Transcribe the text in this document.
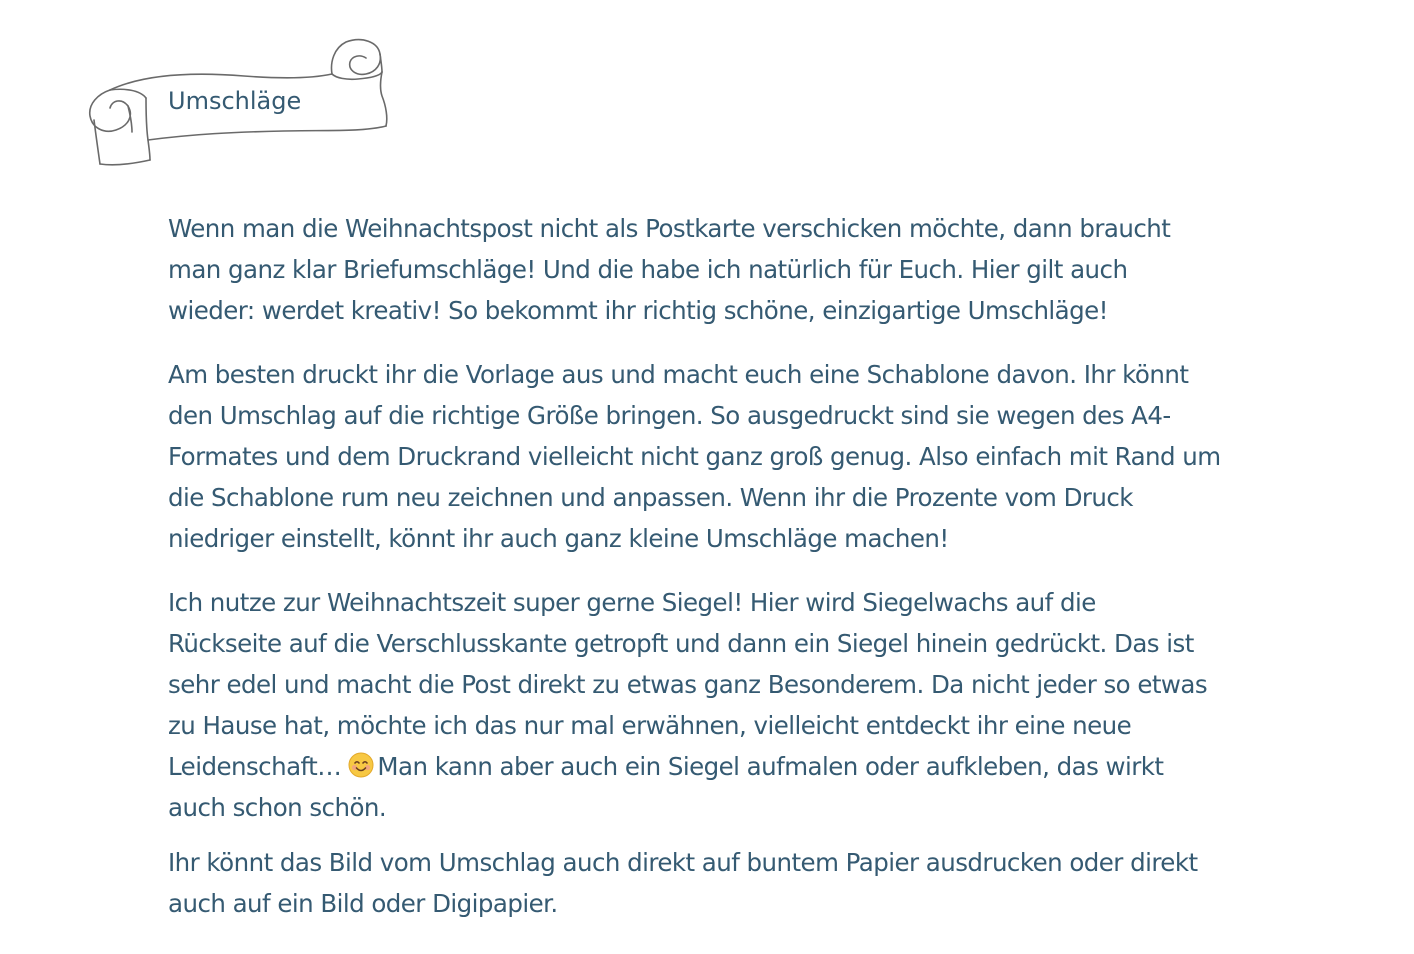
Umschläge

Wenn man die Weihnachtspost nicht als Postkarte verschicken möchte, dann braucht
man ganz klar Briefumschläge! Und die habe ich natürlich für Euch. Hier gilt auch
wieder: werdet kreativ! So bekommt ihr richtig schöne, einzigartige Umschläge!

Am besten druckt ihr die Vorlage aus und macht euch eine Schablone davon. Ihr könnt
den Umschlag auf die richtige Größe bringen. So ausgedruckt sind sie wegen des A4-
Formates und dem Druckrand vielleicht nicht ganz groß genug. Also einfach mit Rand um
die Schablone rum neu zeichnen und anpassen. Wenn ihr die Prozente vom Druck
niedriger einstellt, könnt ihr auch ganz kleine Umschläge machen!

Ich nutze zur Weihnachtszeit super gerne Siegel! Hier wird Siegelwachs auf die
Rückseite auf die Verschlusskante getropft und dann ein Siegel hinein gedrückt. Das ist
sehr edel und macht die Post direkt zu etwas ganz Besonderem. Da nicht jeder so etwas
zu Hause hat, möchte ich das nur mal erwähnen, vielleicht entdeckt ihr eine neue
Leidenschaft… Man kann aber auch ein Siegel aufmalen oder aufkleben, das wirkt
auch schon schön.

Ihr könnt das Bild vom Umschlag auch direkt auf buntem Papier ausdrucken oder direkt
auch auf ein Bild oder Digipapier.
